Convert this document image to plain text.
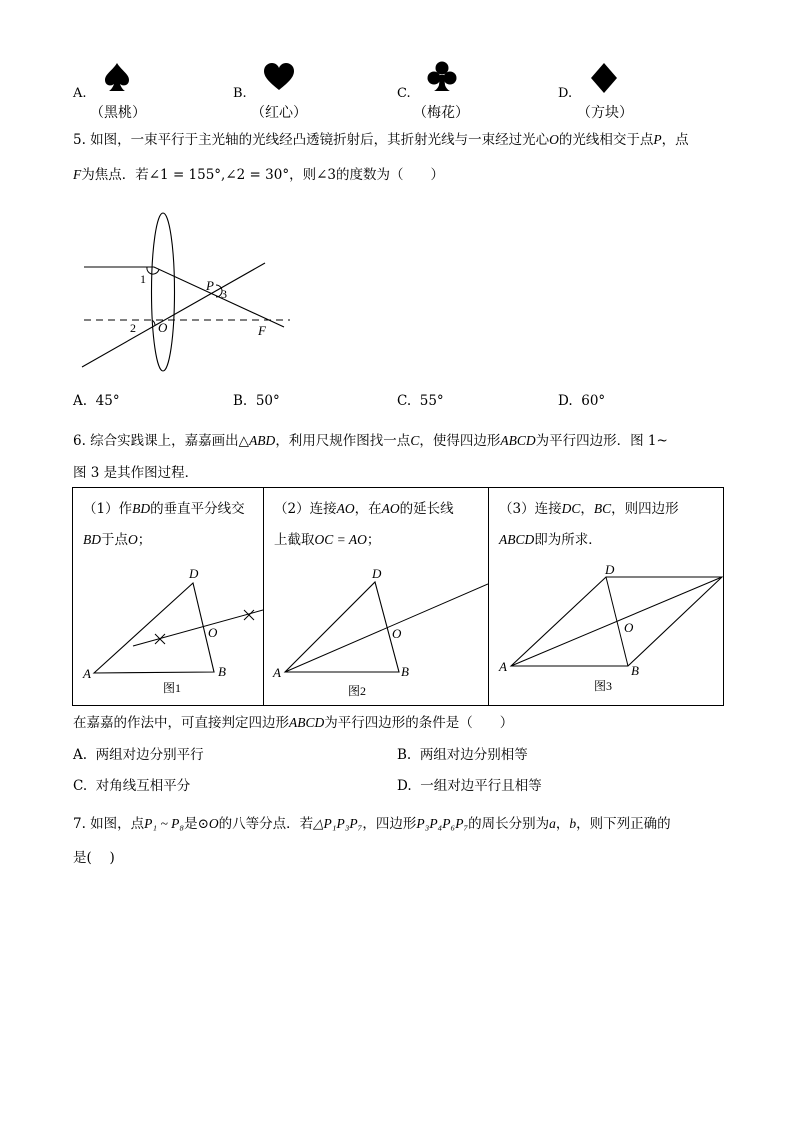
A.
（黑桃）
B.
（红心）
C.
（梅花）
D.
（方块）
5. 如图，一束平行于主光轴的光线经凸透镜折射后，其折射光线与一束经过光心O的光线相交于点P，点
F为焦点．若∠1 = 155°,∠2 = 30°，则∠3的度数为（　　）
1
2
3
P
O	F
A. 45°	B. 50°	C. 55°	D. 60°
6. 综合实践课上，嘉嘉画出△ABD，利用尺规作图找一点C，使得四边形ABCD为平行四边形．图 1~
图 3 是其作图过程．
（1）作BD的垂直平分线交
BD于点O；
A
D
B
O
图1

（2）连接AO，在AO的延长线
上截取OC = AO；
A
D
B
O
图2

（3）连接DC，BC，则四边形
ABCD即为所求．
A
D
B
O
图3
在嘉嘉的作法中，可直接判定四边形ABCD为平行四边形的条件是（　　）
A. 两组对边分别平行	B. 两组对边分别相等
C. 对角线互相平分	D. 一组对边平行且相等
7. 如图，点P₁ ~ P₈是⊙O的八等分点．若△P₁P₃P₇，四边形P₃P₄P₆P₇的周长分别为a，b，则下列正确的
是(　 )
